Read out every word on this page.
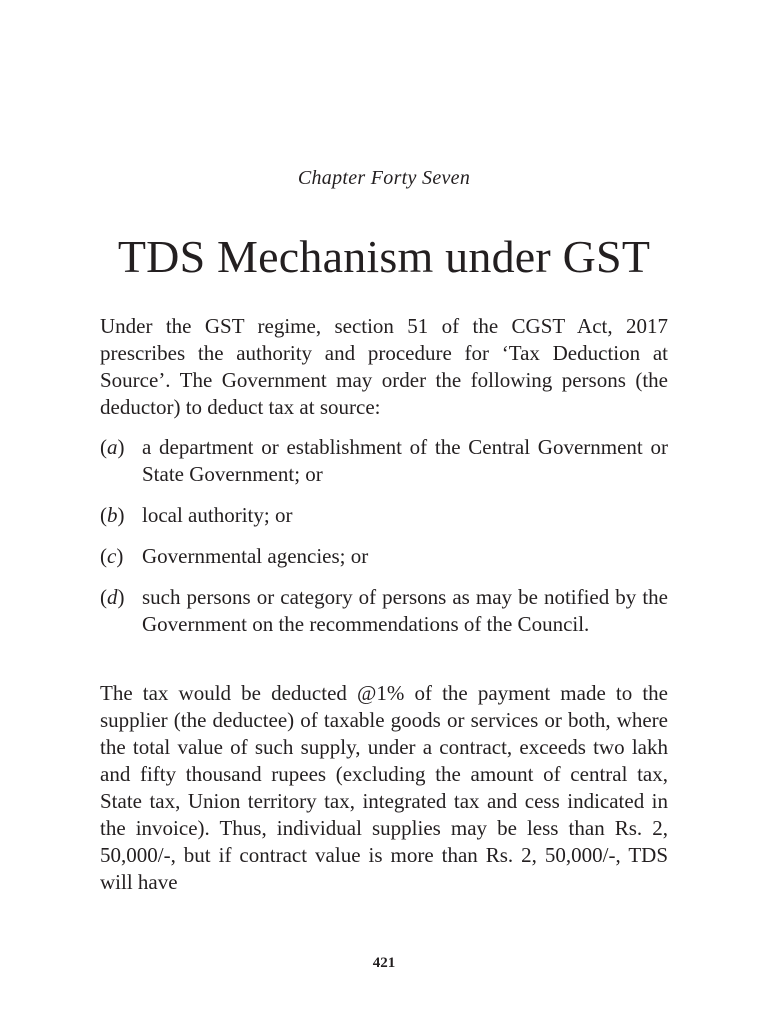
Chapter Forty Seven
TDS Mechanism under GST

Under the GST regime, section 51 of the CGST Act, 2017 prescribes the authority and procedure for ‘Tax Deduction at Source’. The Government may order the following persons (the deductor) to deduct tax at source:

(a) a department or establishment of the Central Government or State Government; or
(b) local authority; or
(c) Governmental agencies; or
(d) such persons or category of persons as may be notified by the Government on the recommendations of the Council.

The tax would be deducted @1% of the payment made to the supplier (the deductee) of taxable goods or services or both, where the total value of such supply, under a contract, exceeds two lakh and fifty thousand rupees (excluding the amount of central tax, State tax, Union territory tax, integrated tax and cess indicated in the invoice). Thus, individual supplies may be less than Rs. 2, 50,000/-, but if contract value is more than Rs. 2, 50,000/-, TDS will have

421
